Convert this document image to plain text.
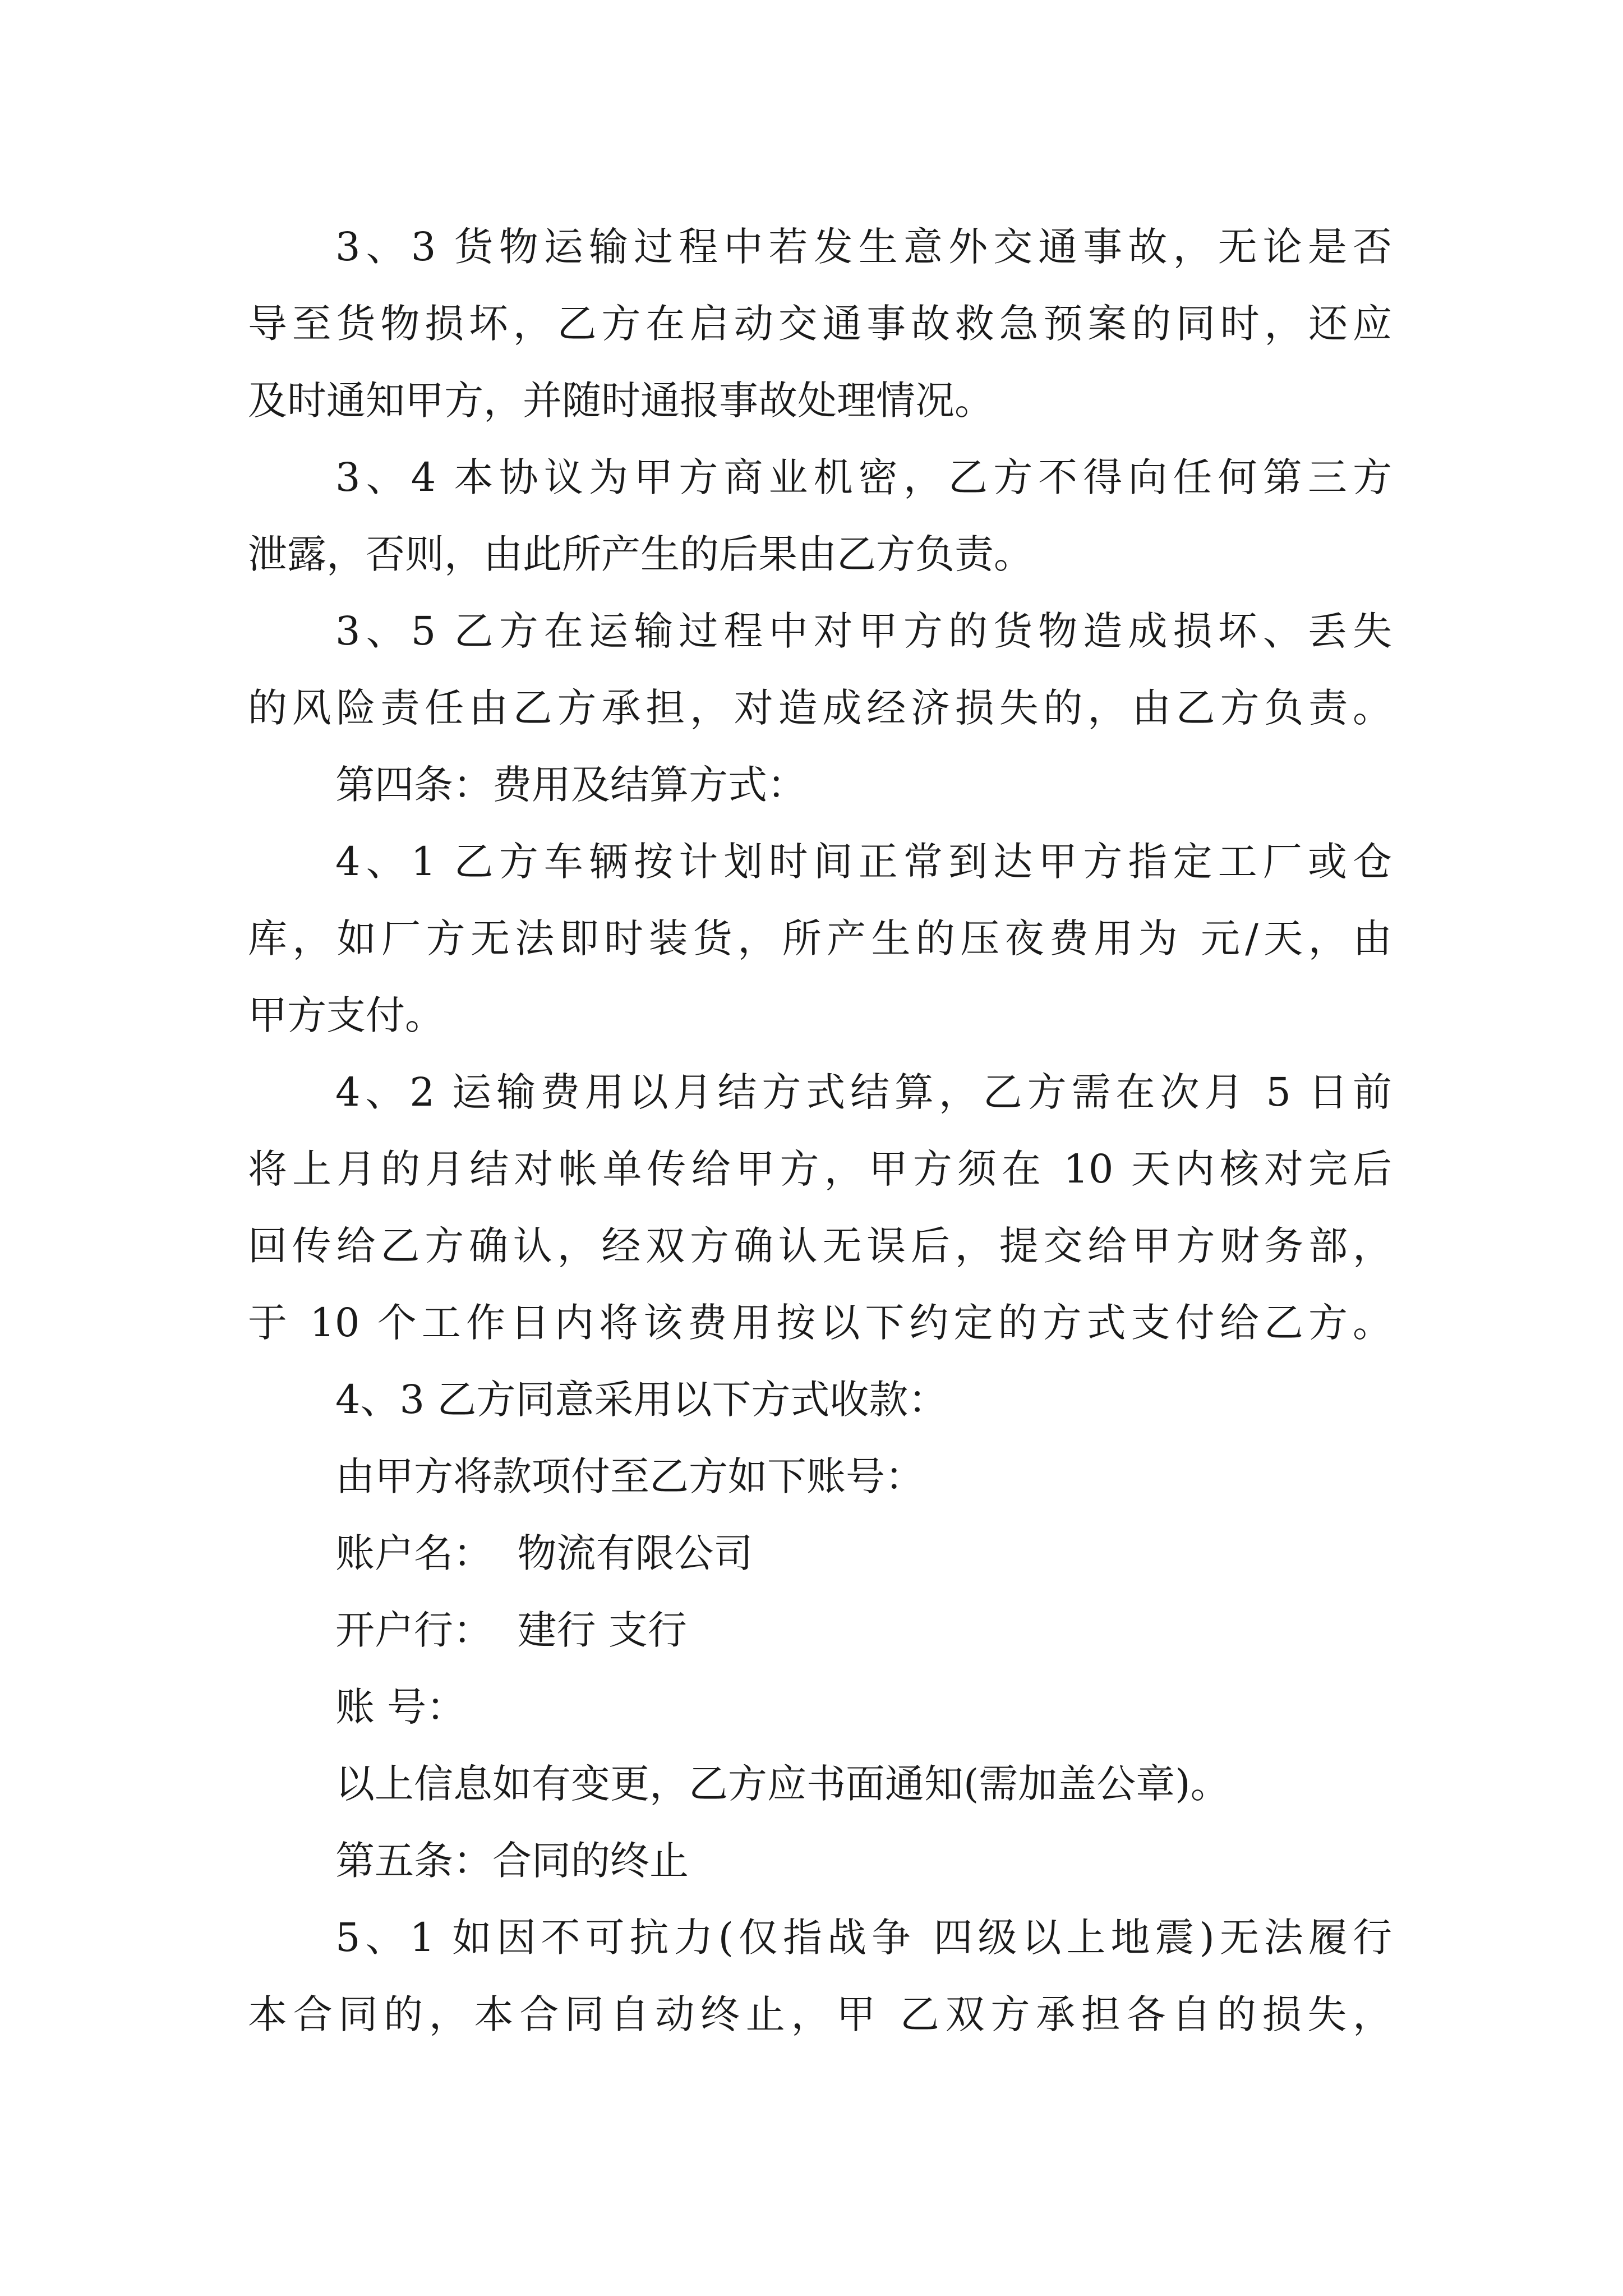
3、3 货物运输过程中若发生意外交通事故，无论是否
导至货物损坏，乙方在启动交通事故救急预案的同时，还应
及时通知甲方，并随时通报事故处理情况。
3、4 本协议为甲方商业机密，乙方不得向任何第三方
泄露，否则，由此所产生的后果由乙方负责。
3、5 乙方在运输过程中对甲方的货物造成损坏、丢失
的风险责任由乙方承担，对造成经济损失的，由乙方负责。
第四条：费用及结算方式：
4、1 乙方车辆按计划时间正常到达甲方指定工厂或仓
库，如厂方无法即时装货，所产生的压夜费用为 元/天，由
甲方支付。
4、2 运输费用以月结方式结算，乙方需在次月 5 日前
将上月的月结对帐单传给甲方，甲方须在 10 天内核对完后
回传给乙方确认，经双方确认无误后，提交给甲方财务部，
于 10 个工作日内将该费用按以下约定的方式支付给乙方。
4、3 乙方同意采用以下方式收款：
由甲方将款项付至乙方如下账号：
账户名：  物流有限公司
开户行：  建行 支行
账 号：
以上信息如有变更，乙方应书面通知(需加盖公章)。
第五条：合同的终止
5、1 如因不可抗力(仅指战争 四级以上地震)无法履行
本合同的，本合同自动终止，甲 乙双方承担各自的损失，
